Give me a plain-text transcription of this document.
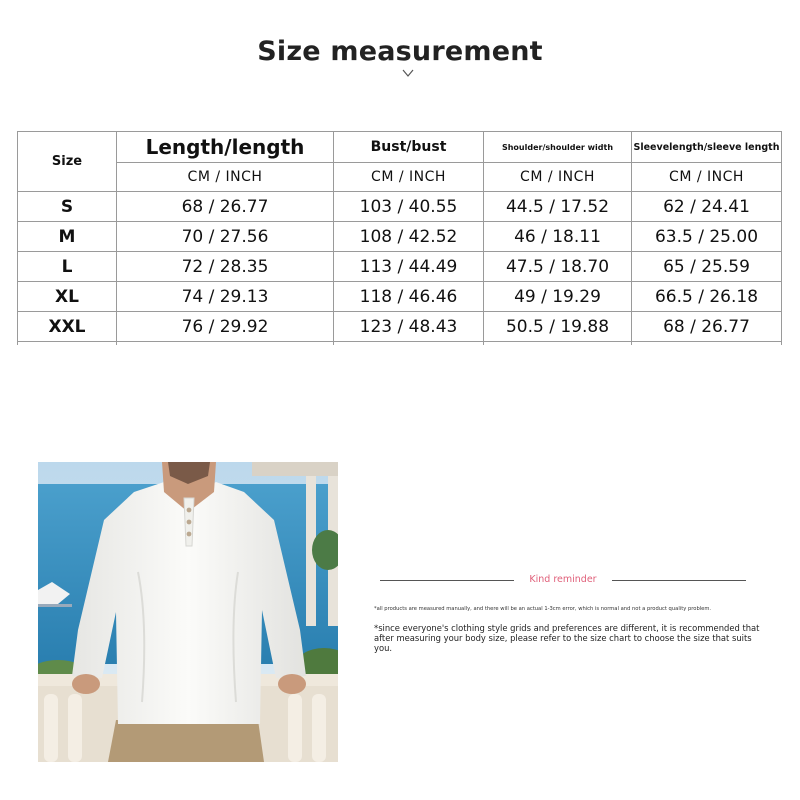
Size measurement
Size	Length/length	Bust/bust	Shoulder/shoulder width	Sleevelength/sleeve length
	CM / INCH	CM / INCH	CM / INCH	CM / INCH
S	68 / 26.77	103 / 40.55	44.5 / 17.52	62 / 24.41
M	70 / 27.56	108 / 42.52	46 / 18.11	63.5 / 25.00
L	72 / 28.35	113 / 44.49	47.5 / 18.70	65 / 25.59
XL	74 / 29.13	118 / 46.46	49 / 19.29	66.5 / 26.18
XXL	76 / 29.92	123 / 48.43	50.5 / 19.88	68 / 26.77

Kind reminder
*all products are measured manually, and there will be an actual 1-3cm error, which is normal and not a product quality problem.
*since everyone's clothing style grids and preferences are different, it is recommended that after measuring your body size, please refer to the size chart to choose the size that suits you.
